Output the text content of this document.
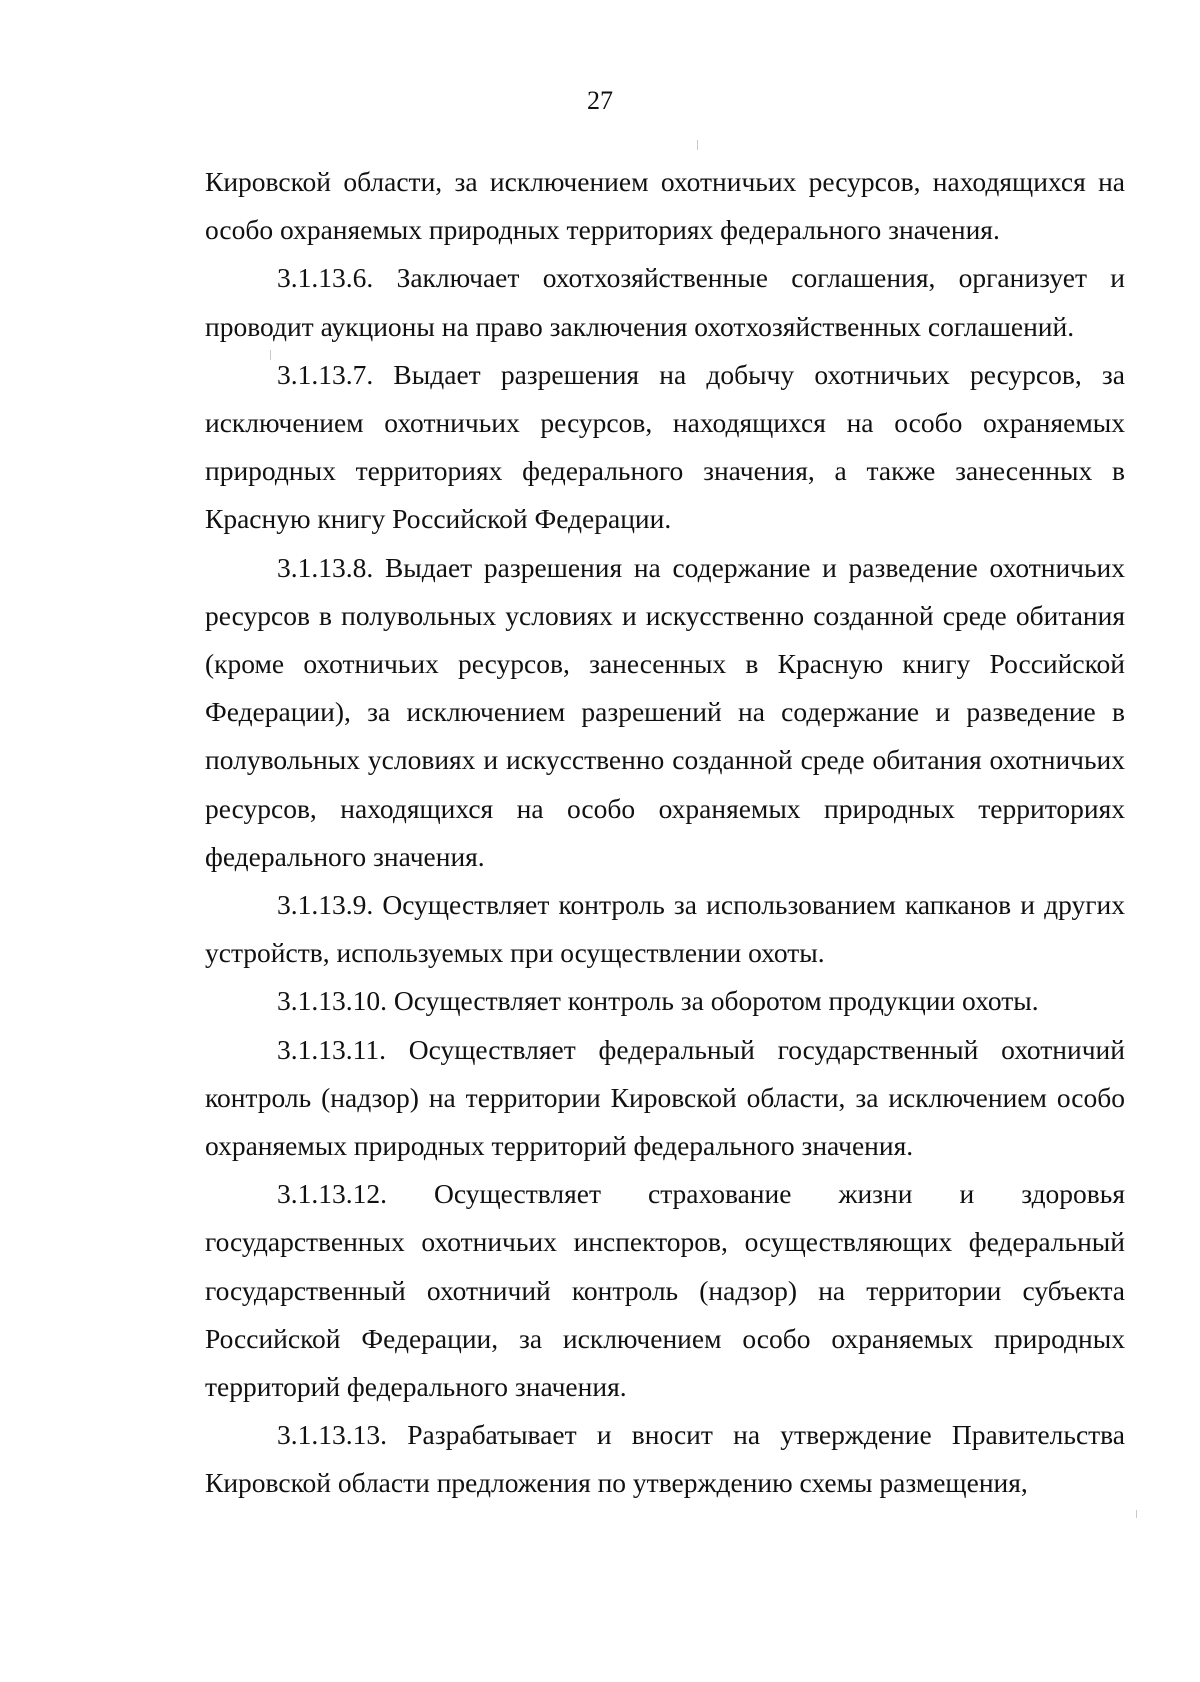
27

Кировской области, за исключением охотничьих ресурсов, находящихся на особо охраняемых природных территориях федерального значения.

3.1.13.6. Заключает охотхозяйственные соглашения, организует и проводит аукционы на право заключения охотхозяйственных соглашений.

3.1.13.7. Выдает разрешения на добычу охотничьих ресурсов, за исключением охотничьих ресурсов, находящихся на особо охраняемых природных территориях федерального значения, а также занесенных в Красную книгу Российской Федерации.

3.1.13.8. Выдает разрешения на содержание и разведение охотничьих ресурсов в полувольных условиях и искусственно созданной среде обитания (кроме охотничьих ресурсов, занесенных в Красную книгу Российской Федерации), за исключением разрешений на содержание и разведение в полувольных условиях и искусственно созданной среде обитания охотничьих ресурсов, находящихся на особо охраняемых природных территориях федерального значения.

3.1.13.9. Осуществляет контроль за использованием капканов и других устройств, используемых при осуществлении охоты.

3.1.13.10. Осуществляет контроль за оборотом продукции охоты.

3.1.13.11. Осуществляет федеральный государственный охотничий контроль (надзор) на территории Кировской области, за исключением особо охраняемых природных территорий федерального значения.

3.1.13.12. Осуществляет страхование жизни и здоровья государственных охотничьих инспекторов, осуществляющих федеральный государственный охотничий контроль (надзор) на территории субъекта Российской Федерации, за исключением особо охраняемых природных территорий федерального значения.

3.1.13.13. Разрабатывает и вносит на утверждение Правительства Кировской области предложения по утверждению схемы размещения,
